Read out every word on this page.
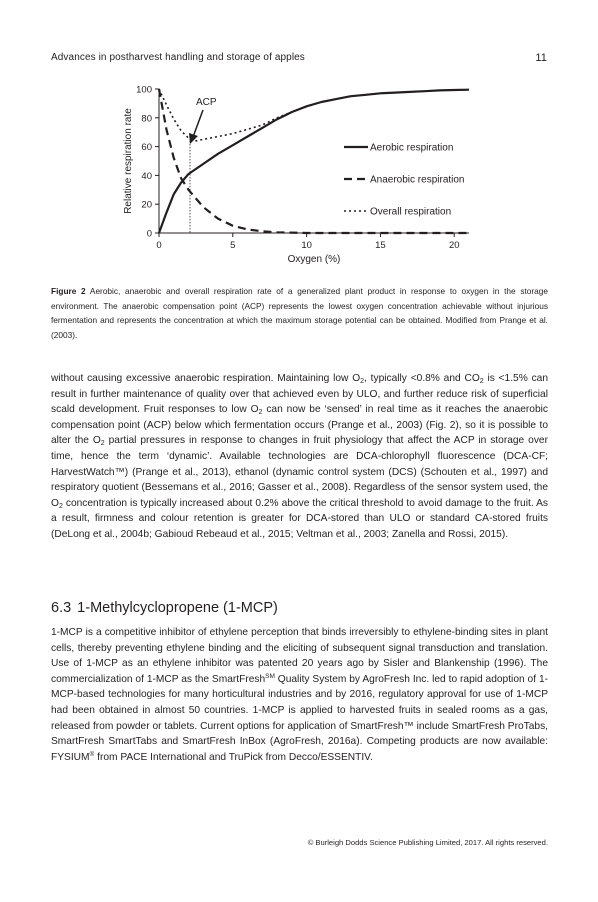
Advances in postharvest handling and storage of apples	11
0	5	10	15	20
0
20
40
60
80
100
Oxygen (%)
Relative respiration rate	Aerobic respiration
Anaerobic respiration
Overall respiration
ACP
Figure 2 Aerobic, anaerobic and overall respiration rate of a generalized plant product in response to oxygen in the storage environment. The anaerobic compensation point (ACP) represents the lowest oxygen concentration achievable without injurious fermentation and represents the concentration at which the maximum storage potential can be obtained. Modified from Prange et al. (2003).

without causing excessive anaerobic respiration. Maintaining low $O_2$, typically <0.8% and $CO_2$ is <1.5% can result in further maintenance of quality over that achieved even by ULO, and further reduce risk of superficial scald development. Fruit responses to low $O_2$ can now be ‘sensed’ in real time as it reaches the anaerobic compensation point (ACP) below which fermentation occurs (Prange et al., 2003) (Fig. 2), so it is possible to alter the $O_2$ partial pressures in response to changes in fruit physiology that affect the ACP in storage over time, hence the term ‘dynamic’. Available technologies are DCA-chlorophyll fluorescence (DCA-CF; HarvestWatch™) (Prange et al., 2013), ethanol (dynamic control system (DCS) (Schouten et al., 1997) and respiratory quotient (Bessemans et al., 2016; Gasser et al., 2008). Regardless of the sensor system used, the $O_2$ concentration is typically increased about 0.2% above the critical threshold to avoid damage to the fruit. As a result, firmness and colour retention is greater for DCA-stored than ULO or standard CA-stored fruits (DeLong et al., 2004b; Gabioud Rebeaud et al., 2015; Veltman et al., 2003; Zanella and Rossi, 2015).

6.3 1-Methylcyclopropene (1-MCP)

1-MCP is a competitive inhibitor of ethylene perception that binds irreversibly to ethylene-binding sites in plant cells, thereby preventing ethylene binding and the eliciting of subsequent signal transduction and translation. Use of 1-MCP as an ethylene inhibitor was patented 20 years ago by Sisler and Blankenship (1996). The commercialization of 1-MCP as the SmartFresh℠ Quality System by AgroFresh Inc. led to rapid adoption of 1-MCP-based technologies for many horticultural industries and by 2016, regulatory approval for use of 1-MCP had been obtained in almost 50 countries. 1-MCP is applied to harvested fruits in sealed rooms as a gas, released from powder or tablets. Current options for application of SmartFresh™ include SmartFresh ProTabs, SmartFresh SmartTabs and SmartFresh InBox (AgroFresh, 2016a). Competing products are now available: FYSIUM® from PACE International and TruPick from Decco/ESSENTIV.

© Burleigh Dodds Science Publishing Limited, 2017. All rights reserved.
